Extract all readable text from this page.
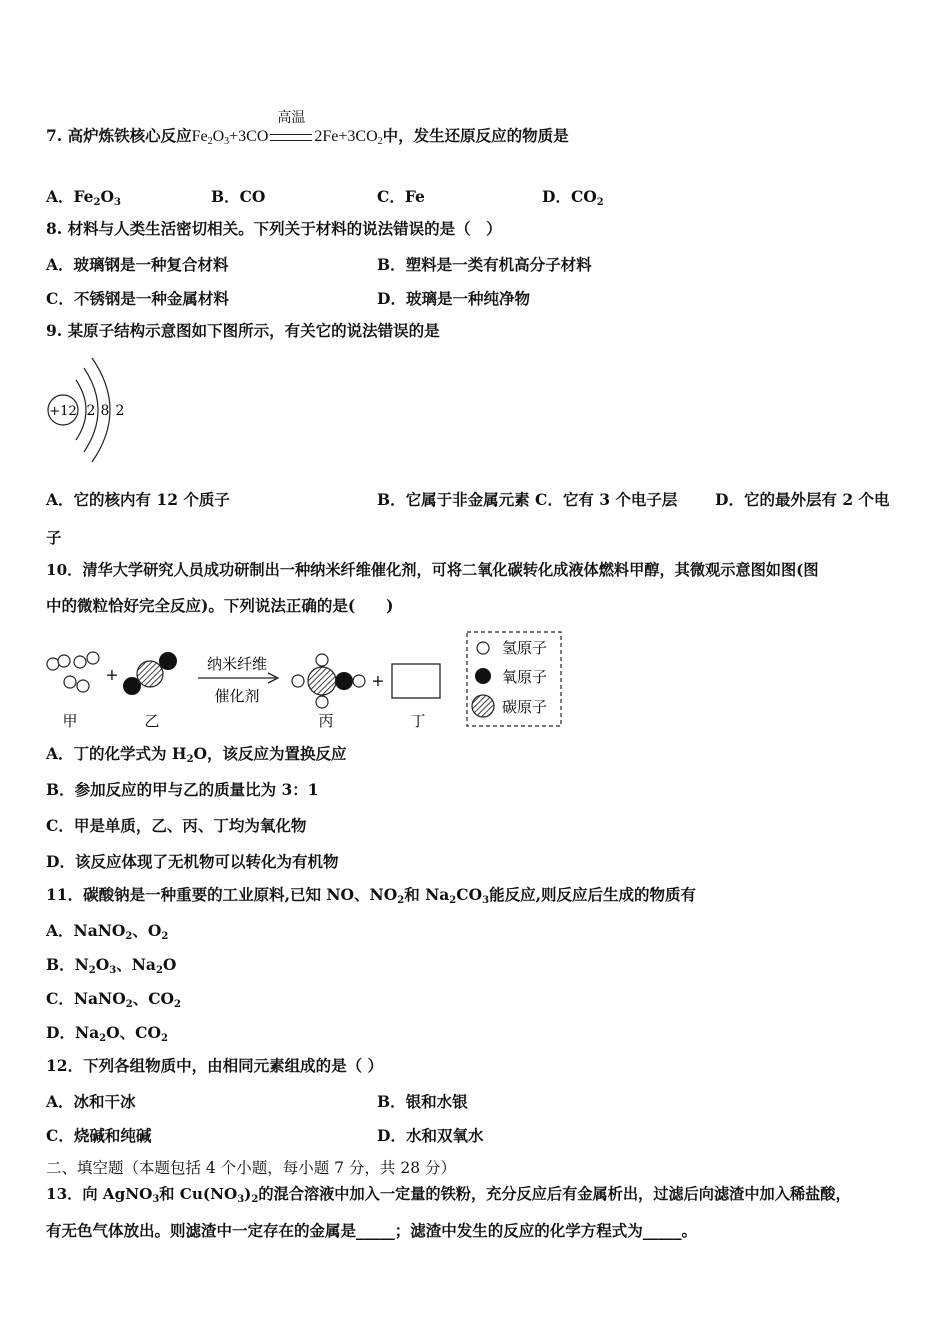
7. 高炉炼铁核心反应$Fe_2O_3+3CO$
高温
$2Fe+3CO_2$中，发生还原反应的物质是
A．$Fe_2O_3$	B．CO	C．Fe	D．$CO_2$
8. 材料与人类生活密切相关。下列关于材料的说法错误的是（　）
A．玻璃钢是一种复合材料	B．塑料是一类有机高分子材料
C．不锈钢是一种金属材料	D．玻璃是一种纯净物
9. 某原子结构示意图如下图所示，有关它的说法错误的是
+12 2 8 2
A．它的核内有 12 个质子	B．它属于非金属元素 C．它有 3 个电子层 D．它的最外层有 2 个电
子
10．清华大学研究人员成功研制出一种纳米纤维催化剂，可将二氧化碳转化成液体燃料甲醇，其微观示意图如图(图
中的微粒恰好完全反应)。下列说法正确的是(　　)
甲
+
乙
纳米纤维
催化剂
丙
+
丁
氢原子
氧原子
碳原子
A．丁的化学式为 $H_2O$，该反应为置换反应
B．参加反应的甲与乙的质量比为 3：1
C．甲是单质，乙、丙、丁均为氧化物
D．该反应体现了无机物可以转化为有机物
11．碳酸钠是一种重要的工业原料,已知 NO、$NO_2$和 $Na_2CO_3$能反应,则反应后生成的物质有
A．NaNO$_2$、$O_2$
B．$N_2O_3$、$Na_2O$
C．NaNO$_2$、$CO_2$
D．$Na_2O$、$CO_2$
12．下列各组物质中，由相同元素组成的是（ ）
A．冰和干冰	B．银和水银
C．烧碱和纯碱	D．水和双氧水
二、填空题（本题包括 4 个小题，每小题 7 分，共 28 分）
13．向 AgNO$_3$和 $Cu(NO_3)_2$的混合溶液中加入一定量的铁粉，充分反应后有金属析出，过滤后向滤渣中加入稀盐酸，
有无色气体放出。则滤渣中一定存在的金属是_____；滤渣中发生的反应的化学方程式为_____。
